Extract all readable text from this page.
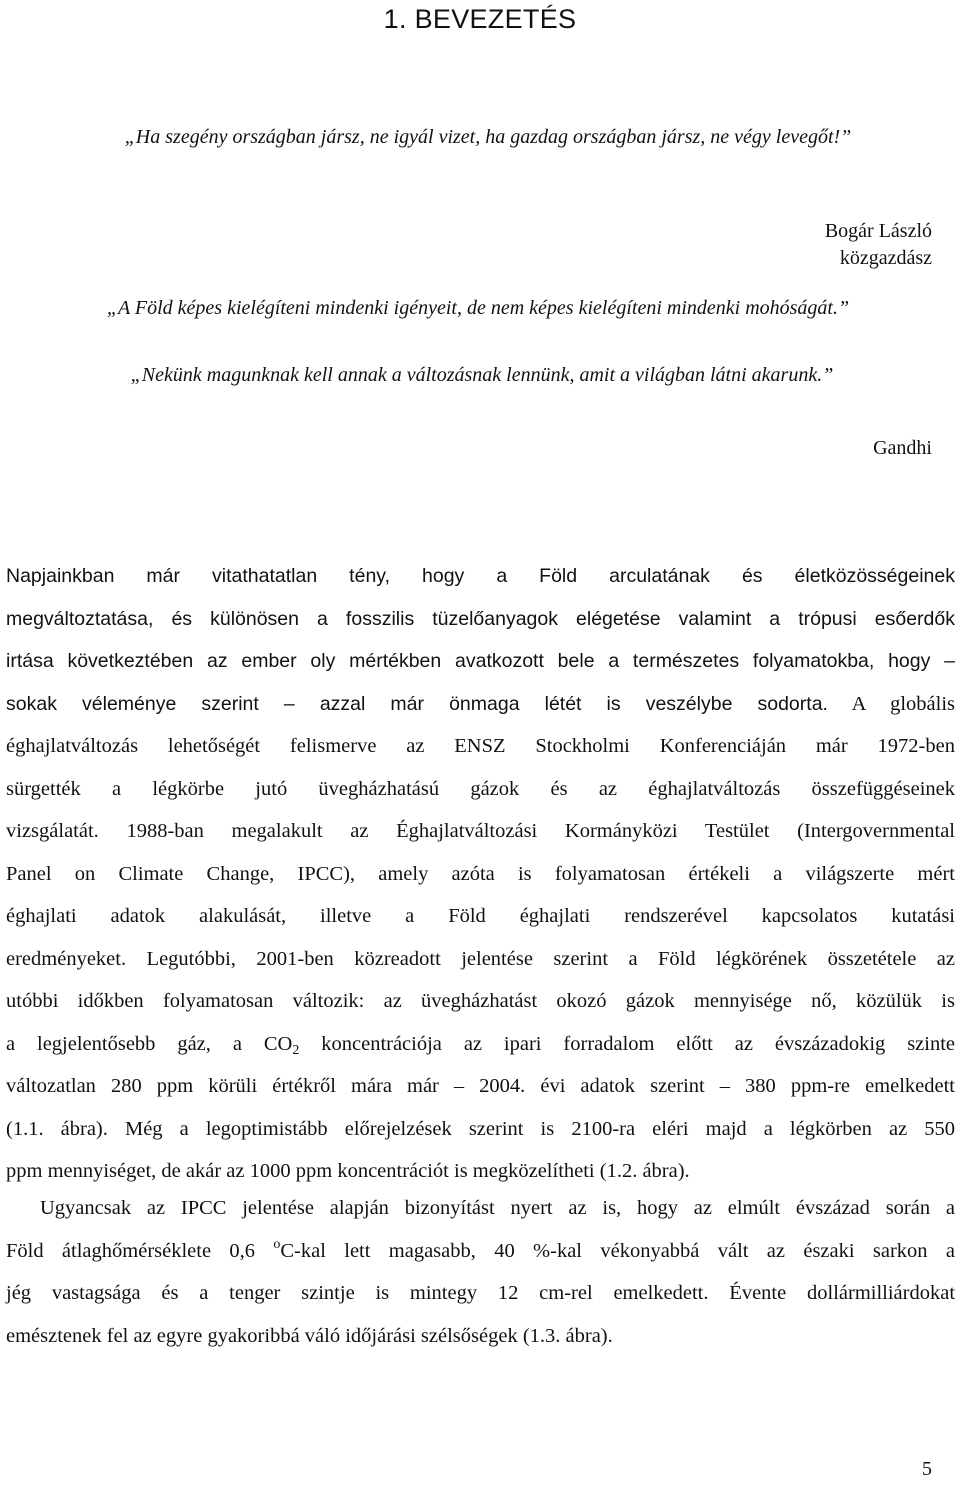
1. BEVEZETÉS
„Ha szegény országban jársz, ne igyál vizet, ha gazdag országban jársz, ne végy levegőt!”
Bogár László
közgazdász
„A Föld képes kielégíteni mindenki igényeit, de nem képes kielégíteni mindenki mohóságát.”
„Nekünk magunknak kell annak a változásnak lennünk, amit a világban látni akarunk.”
Gandhi
Napjainkban már vitathatatlan tény, hogy a Föld arculatának és életközösségeinek
megváltoztatása, és különösen a fosszilis tüzelőanyagok elégetése valamint a trópusi esőerdők
irtása következtében az ember oly mértékben avatkozott bele a természetes folyamatokba, hogy –
sokak véleménye szerint – azzal már önmaga létét is veszélybe sodorta. A globális
éghajlatváltozás lehetőségét felismerve az ENSZ Stockholmi Konferenciáján már 1972-ben
sürgették a légkörbe jutó üvegházhatású gázok és az éghajlatváltozás összefüggéseinek
vizsgálatát. 1988-ban megalakult az Éghajlatváltozási Kormányközi Testület (Intergovernmental
Panel on Climate Change, IPCC), amely azóta is folyamatosan értékeli a világszerte mért
éghajlati adatok alakulását, illetve a Föld éghajlati rendszerével kapcsolatos kutatási
eredményeket. Legutóbbi, 2001-ben közreadott jelentése szerint a Föld légkörének összetétele az
utóbbi időkben folyamatosan változik: az üvegházhatást okozó gázok mennyisége nő, közülük is
a legjelentősebb gáz, a $CO_2$ koncentrációja az ipari forradalom előtt az évszázadokig szinte
változatlan 280 ppm körüli értékről mára már – 2004. évi adatok szerint – 380 ppm-re emelkedett
(1.1. ábra). Még a legoptimistább előrejelzések szerint is 2100-ra eléri majd a légkörben az 550
ppm mennyiséget, de akár az 1000 ppm koncentrációt is megközelítheti (1.2. ábra).
Ugyancsak az IPCC jelentése alapján bizonyítást nyert az is, hogy az elmúlt évszázad során a
Föld átlaghőmérséklete 0,6 $^o$C-kal lett magasabb, 40 %-kal vékonyabbá vált az északi sarkon a
jég vastagsága és a tenger szintje is mintegy 12 cm-rel emelkedett. Évente dollármilliárdokat
emésztenek fel az egyre gyakoribbá váló időjárási szélsőségek (1.3. ábra).
5
